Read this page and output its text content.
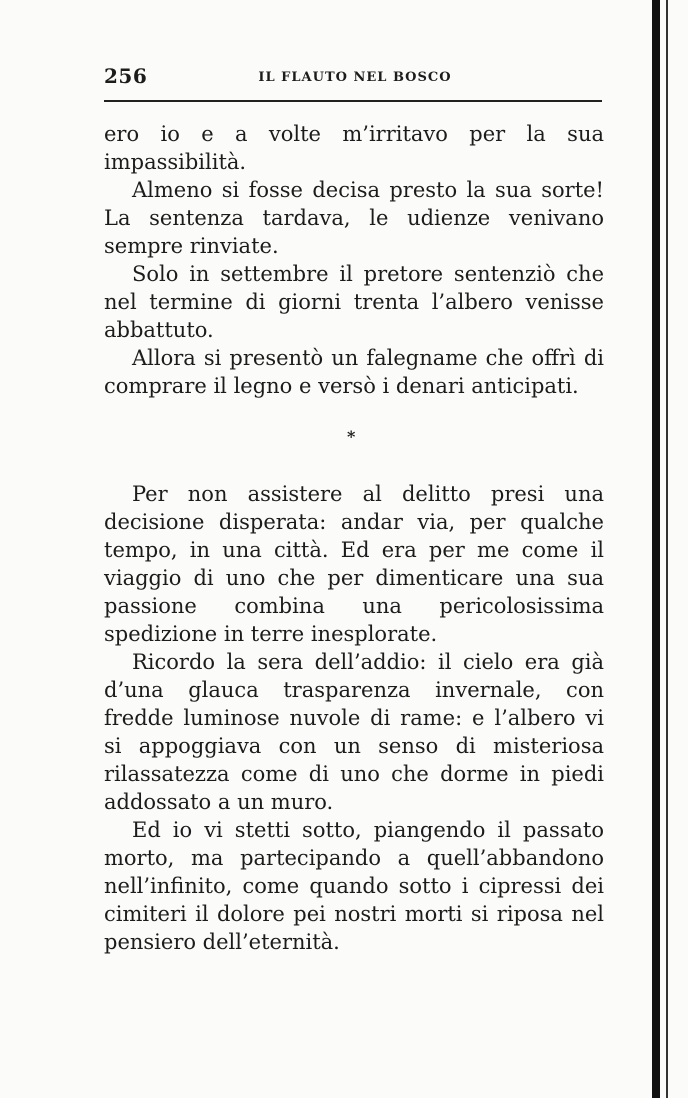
256	IL FLAUTO NEL BOSCO

ero io e a volte m’irritavo per la sua impassibilità.

Almeno si fosse decisa presto la sua sorte! La sentenza tardava, le udienze venivano sempre rinviate.

Solo in settembre il pretore sentenziò che nel termine di giorni trenta l’albero venisse abbattuto.

Allora si presentò un falegname che offrì di comprare il legno e versò i denari anticipati.

*

Per non assistere al delitto presi una decisione disperata: andar via, per qualche tempo, in una città. Ed era per me come il viaggio di uno che per dimenticare una sua passione combina una pericolosissima spedizione in terre inesplorate.

Ricordo la sera dell’addio: il cielo era già d’una glauca trasparenza invernale, con fredde luminose nuvole di rame: e l’albero vi si appoggiava con un senso di misteriosa rilassatezza come di uno che dorme in piedi addossato a un muro.

Ed io vi stetti sotto, piangendo il passato morto, ma partecipando a quell’abbandono nell’infinito, come quando sotto i cipressi dei cimiteri il dolore pei nostri morti si riposa nel pensiero dell’eternità.
